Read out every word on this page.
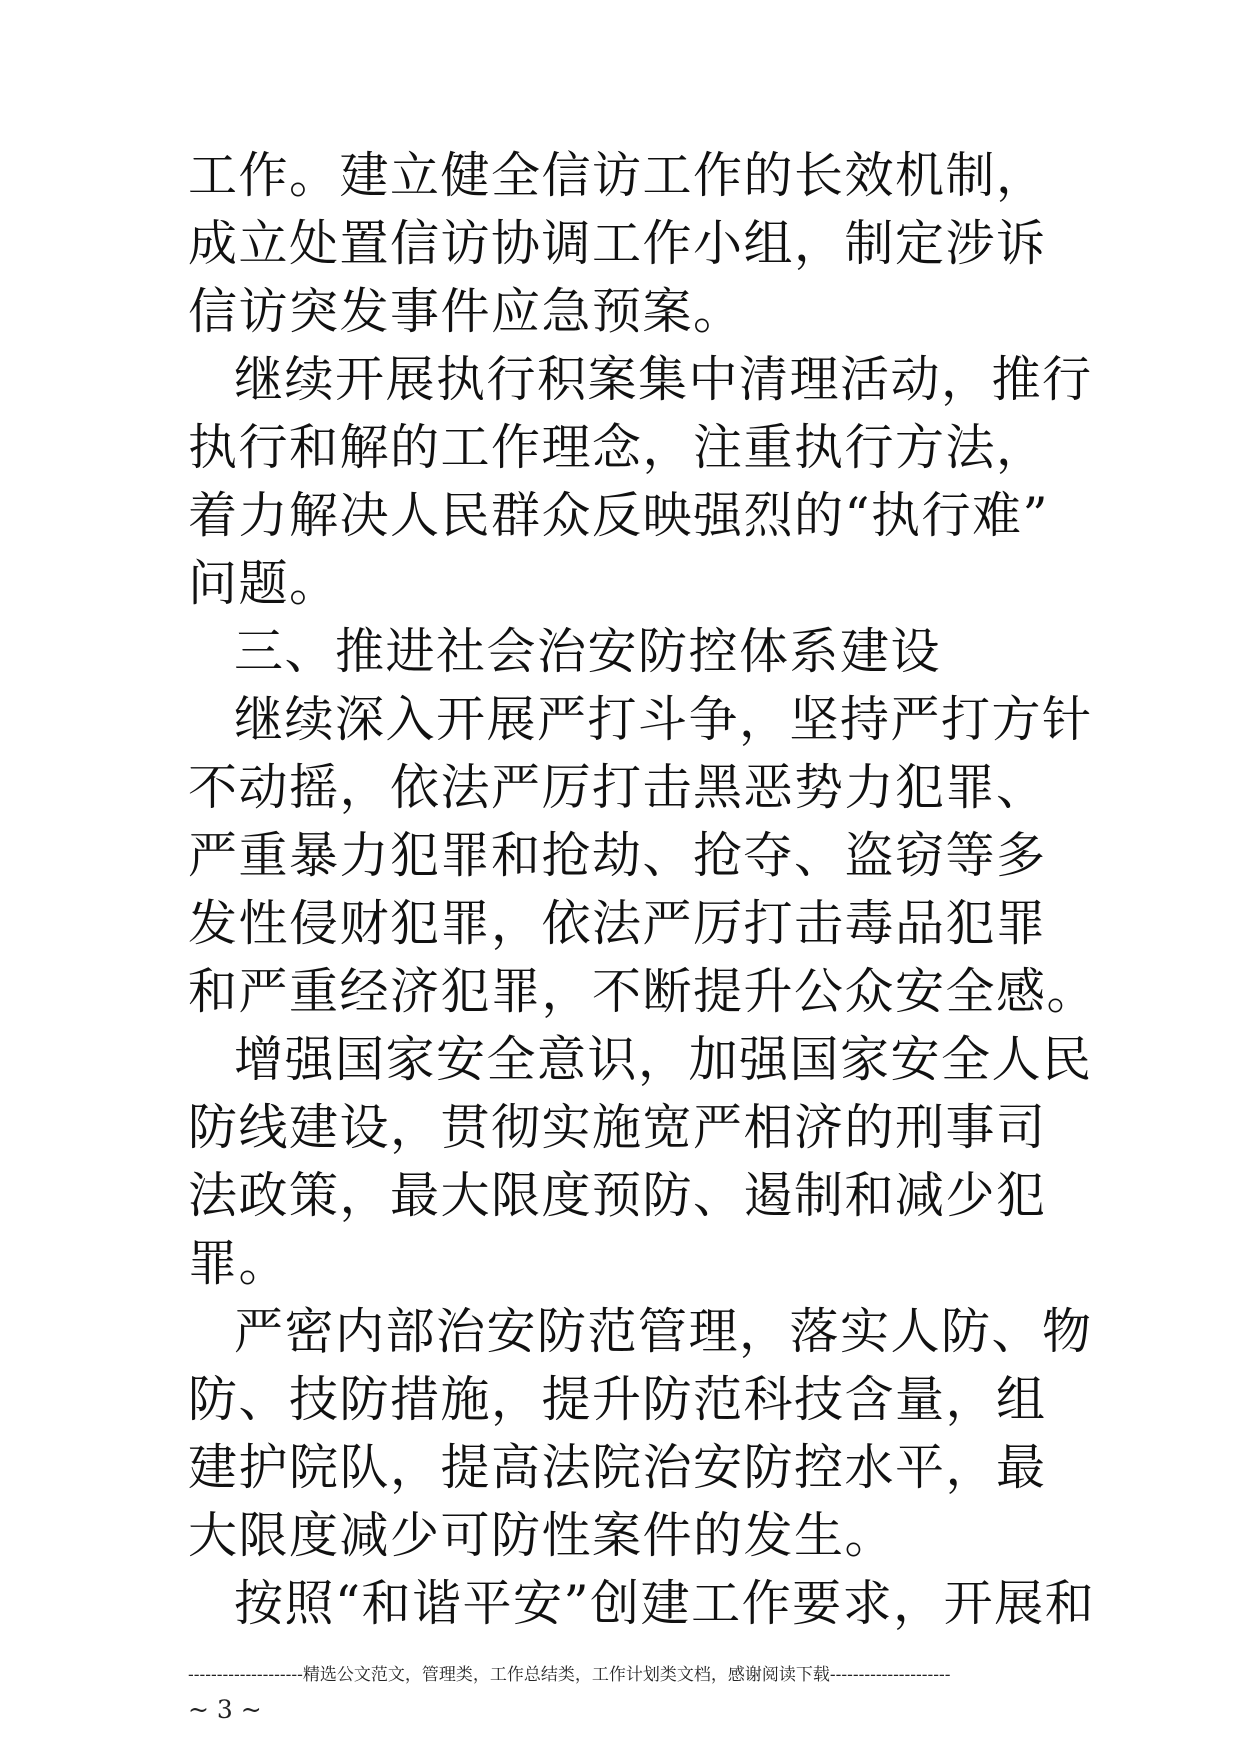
工作。建立健全信访工作的长效机制，
成立处置信访协调工作小组，制定涉诉
信访突发事件应急预案。
继续开展执行积案集中清理活动，推行
执行和解的工作理念，注重执行方法，
着力解决人民群众反映强烈的“执行难”
问题。
三、推进社会治安防控体系建设
继续深入开展严打斗争，坚持严打方针
不动摇，依法严厉打击黑恶势力犯罪、
严重暴力犯罪和抢劫、抢夺、盗窃等多
发性侵财犯罪，依法严厉打击毒品犯罪
和严重经济犯罪，不断提升公众安全感。
增强国家安全意识，加强国家安全人民
防线建设，贯彻实施宽严相济的刑事司
法政策，最大限度预防、遏制和减少犯
罪。
严密内部治安防范管理，落实人防、物
防、技防措施，提升防范科技含量，组
建护院队，提高法院治安防控水平，最
大限度减少可防性案件的发生。
按照“和谐平安”创建工作要求，开展和
--------------------精选公文范文，管理类，工作总结类，工作计划类文档，感谢阅读下载---------------------
~ 3 ~
